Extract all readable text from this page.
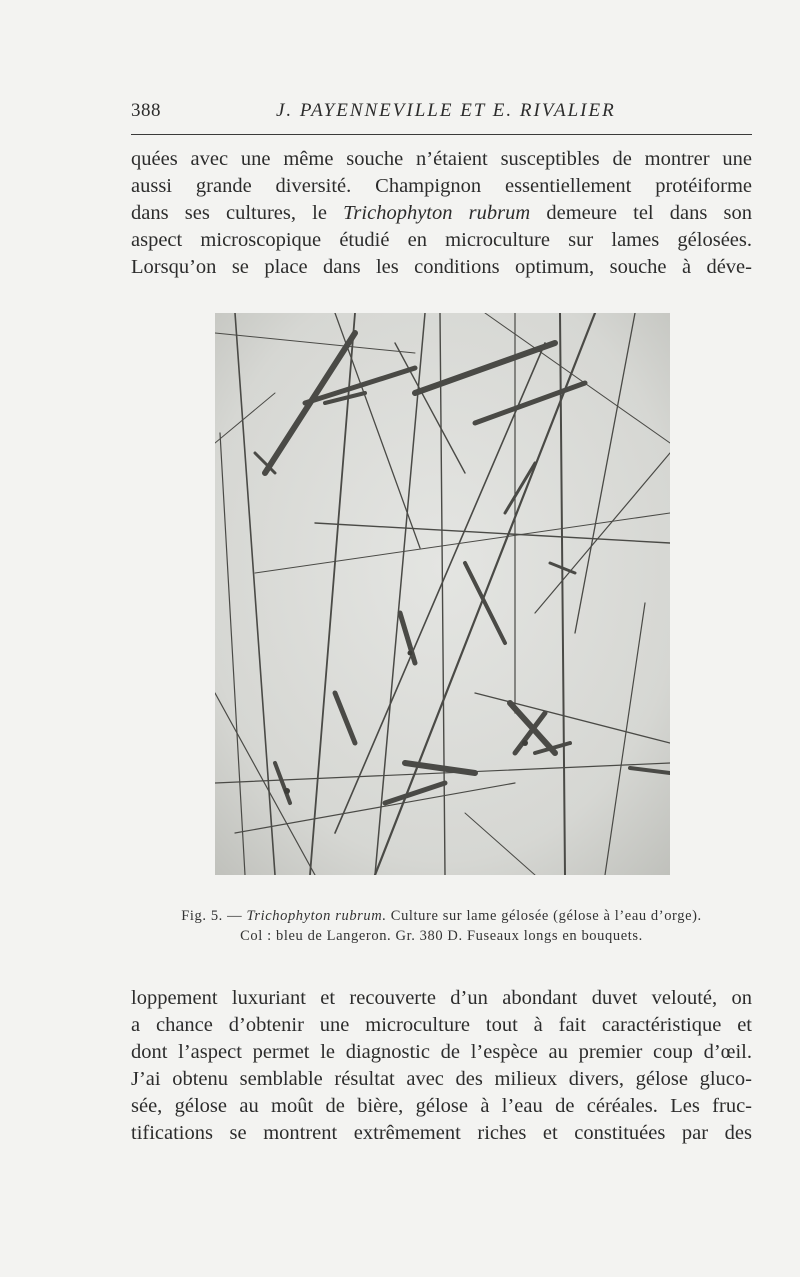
388	J. PAYENNEVILLE ET E. RIVALIER

quées avec une même souche n’étaient susceptibles de montrer une
aussi grande diversité. Champignon essentiellement protéiforme
dans ses cultures, le Trichophyton rubrum demeure tel dans son
aspect microscopique étudié en microculture sur lames gélosées.
Lorsqu’on se place dans les conditions optimum, souche à déve-

Fig. 5. — Trichophyton rubrum. Culture sur lame gélosée (gélose à l’eau d’orge).
Col : bleu de Langeron. Gr. 380 D. Fuseaux longs en bouquets.

loppement luxuriant et recouverte d’un abondant duvet velouté, on
a chance d’obtenir une microculture tout à fait caractéristique et
dont l’aspect permet le diagnostic de l’espèce au premier coup d’œil.
J’ai obtenu semblable résultat avec des milieux divers, gélose gluco-
sée, gélose au moût de bière, gélose à l’eau de céréales. Les fruc-
tifications se montrent extrêmement riches et constituées par des
